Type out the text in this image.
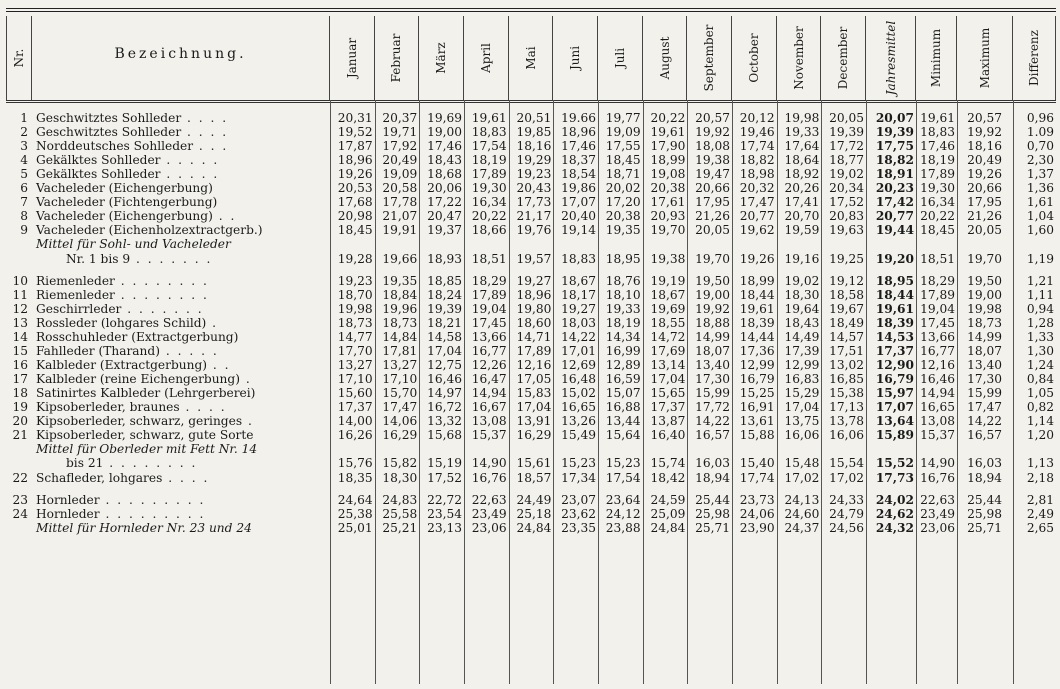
Nr.	Bezeichnung.	Januar	Februar	März	April	Mai	Juni	Juli	August	September	October	November	December	Jahresmittel	Minimum	Maximum	Differenz
1 Geschwitztes Sohlleder . . . .	20,31 20,37 19,69 19,61 20,51 19.66 19,77 20,22 20,57 20,12 19,98 20,05 20,07 19,61 20,57	0,96
2 Geschwitztes Sohlleder . . . .	19,52 19,71 19,00 18,83 19,85 18,96 19,09 19,61 19,92 19,46 19,33 19,39 19,39 18,83 19,92	1.09
3 Norddeutsches Sohlleder . . .	17,87 17,92 17,46 17,54 18,16 17,46 17,55 17,90 18,08 17,74 17,64 17,72 17,75 17,46 18,16	0,70
4 Gekälktes Sohlleder . . . . .	18,96 20,49 18,43 18,19 19,29 18,37 18,45 18,99 19,38 18,82 18,64 18,77 18,82 18,19 20,49	2,30
5 Gekälktes Sohlleder . . . . .	19,26 19,09 18,68 17,89 19,23 18,54 18,71 19,08 19,47 18,98 18,92 19,02 18,91 17,89 19,26	1,37
6 Vacheleder (Eichengerbung)	20,53 20,58 20,06 19,30 20,43 19,86 20,02 20,38 20,66 20,32 20,26 20,34 20,23 19,30 20,66	1,36
7 Vacheleder (Fichtengerbung)	17,68 17,78 17,22 16,34 17,73 17,07 17,20 17,61 17,95 17,47 17,41 17,52 17,42 16,34 17,95	1,61
8 Vacheleder (Eichengerbung) . .	20,98 21,07 20,47 20,22 21,17 20,40 20,38 20,93 21,26 20,77 20,70 20,83 20,77 20,22 21,26	1,04
9 Vacheleder (Eichenholzextractgerb.)	18,45 19,91 19,37 18,66 19,76 19,14 19,35 19,70 20,05 19,62 19,59 19,63 19,44 18,45 20,05	1,60
Mittel für Sohl- und Vacheleder
Nr. 1 bis 9 . . . . . . .	19,28 19,66 18,93 18,51 19,57 18,83 18,95 19,38 19,70 19,26 19,16 19,25 19,20 18,51 19,70	1,19
10 Riemenleder . . . . . . . .	19,23 19,35 18,85 18,29 19,27 18,67 18,76 19,19 19,50 18,99 19,02 19,12 18,95 18,29 19,50	1,21
11 Riemenleder . . . . . . . .	18,70 18,84 18,24 17,89 18,96 18,17 18,10 18,67 19,00 18,44 18,30 18,58 18,44 17,89 19,00	1,11
12 Geschirrleder . . . . . . .	19,98 19,96 19,39 19,04 19,80 19,27 19,33 19,69 19,92 19,61 19,64 19,67 19,61 19,04 19,98	0,94
13 Rossleder (lohgares Schild) .	18,73 18,73 18,21 17,45 18,60 18,03 18,19 18,55 18,88 18,39 18,43 18,49 18,39 17,45 18,73	1,28
14 Rosschuhleder (Extractgerbung)	14,77 14,84 14,58 13,66 14,71 14,22 14,34 14,72 14,99 14,44 14,49 14,57 14,53 13,66 14,99	1,33
15 Fahlleder (Tharand) . . . . .	17,70 17,81 17,04 16,77 17,89 17,01 16,99 17,69 18,07 17,36 17,39 17,51 17,37 16,77 18,07	1,30
16 Kalbleder (Extractgerbung) . .	13,27 13,27 12,75 12,26 12,16 12,69 12,89 13,14 13,40 12,99 12,99 13,02 12,90 12,16 13,40	1,24
17 Kalbleder (reine Eichengerbung) .	17,10 17,10 16,46 16,47 17,05 16,48 16,59 17,04 17,30 16,79 16,83 16,85 16,79 16,46 17,30	0,84
18 Satinirtes Kalbleder (Lehrgerberei)	15,60 15,70 14,97 14,94 15,83 15,02 15,07 15,65 15,99 15,25 15,29 15,38 15,97 14,94 15,99	1,05
19 Kipsoberleder, braunes . . . .	17,37 17,47 16,72 16,67 17,04 16,65 16,88 17,37 17,72 16,91 17,04 17,13 17,07 16,65 17,47	0,82
20 Kipsoberleder, schwarz, geringes .	14,00 14,06 13,32 13,08 13,91 13,26 13,44 13,87 14,22 13,61 13,75 13,78 13,64 13,08 14,22	1,14
21 Kipsoberleder, schwarz, gute Sorte	16,26 16,29 15,68 15,37 16,29 15,49 15,64 16,40 16,57 15,88 16,06 16,06 15,89 15,37 16,57	1,20
Mittel für Oberleder mit Fett Nr. 14
bis 21 . . . . . . . .	15,76 15,82 15,19 14,90 15,61 15,23 15,23 15,74 16,03 15,40 15,48 15,54 15,52 14,90 16,03	1,13
22 Schafleder, lohgares . . . .	18,35 18,30 17,52 16,76 18,57 17,34 17,54 18,42 18,94 17,74 17,02 17,02 17,73 16,76 18,94	2,18
23 Hornleder . . . . . . . . .	24,64 24,83 22,72 22,63 24,49 23,07 23,64 24,59 25,44 23,73 24,13 24,33 24,02 22,63 25,44	2,81
24 Hornleder . . . . . . . . .	25,38 25,58 23,54 23,49 25,18 23,62 24,12 25,09 25,98 24,06 24,60 24,79 24,62 23,49 25,98	2,49
Mittel für Hornleder Nr. 23 und 24	25,01 25,21 23,13 23,06 24,84 23,35 23,88 24,84 25,71 23,90 24,37 24,56 24,32 23,06 25,71	2,65
